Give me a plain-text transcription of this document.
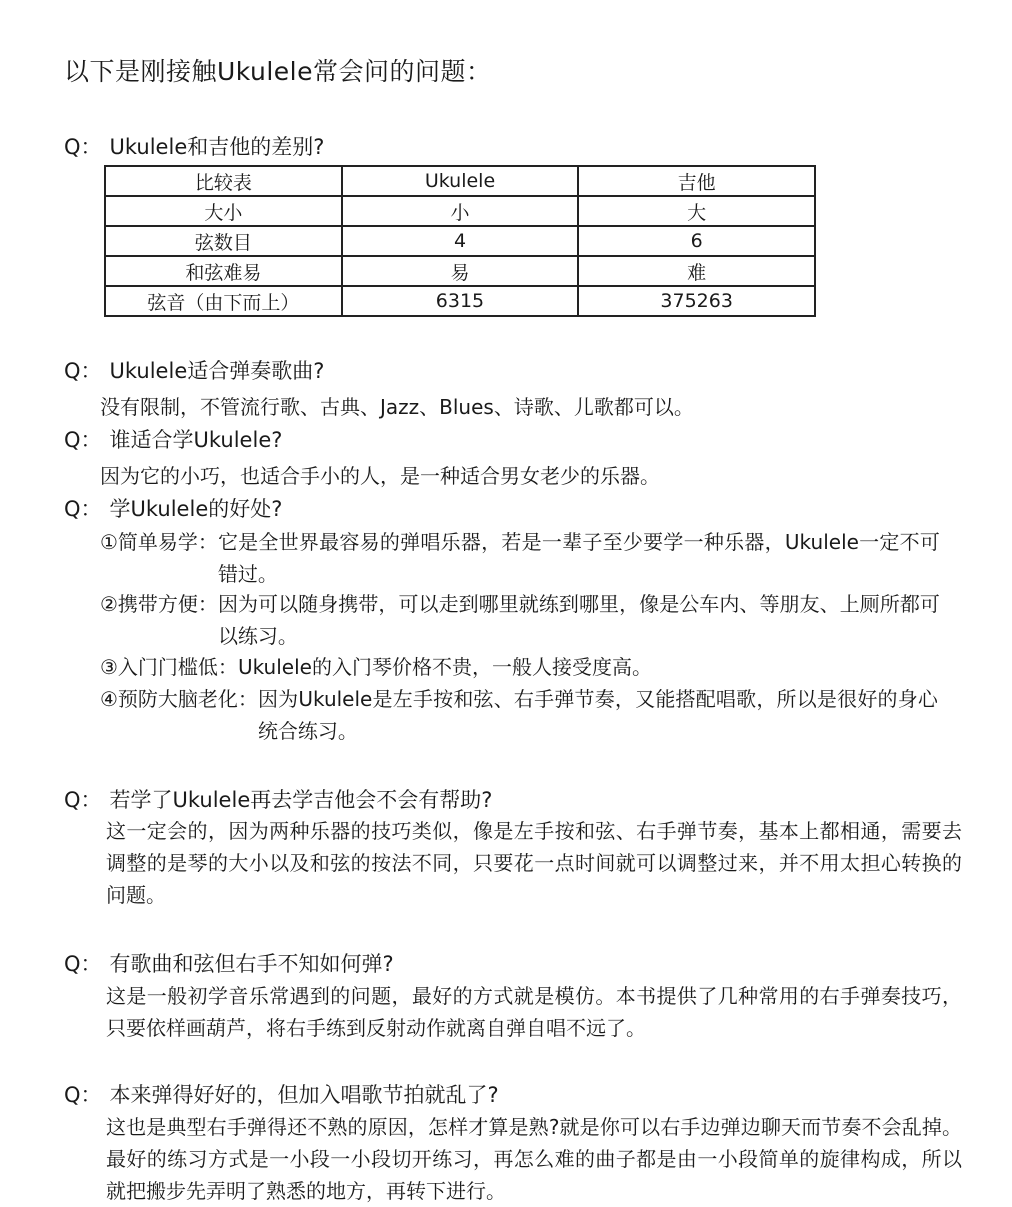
以下是刚接触Ukulele常会问的问题：
Q： Ukulele和吉他的差别?
比较表	Ukulele	吉他
大小	小	大
弦数目	4	6
和弦难易	易	难
弦音（由下而上）	6315	375263
Q： Ukulele适合弹奏歌曲?
没有限制，不管流行歌、古典、Jazz、Blues、诗歌、儿歌都可以。
Q： 谁适合学Ukulele?
因为它的小巧，也适合手小的人，是一种适合男女老少的乐器。
Q： 学Ukulele的好处?
①简单易学： 它是全世界最容易的弹唱乐器，若是一辈子至少要学一种乐器，Ukulele一定不可错过。
②携带方便： 因为可以随身携带，可以走到哪里就练到哪里，像是公车内、等朋友、上厕所都可以练习。
③入门门槛低： Ukulele的入门琴价格不贵，一般人接受度高。
④预防大脑老化： 因为Ukulele是左手按和弦、右手弹节奏，又能搭配唱歌，所以是很好的身心统合练习。
Q： 若学了Ukulele再去学吉他会不会有帮助?
这一定会的，因为两种乐器的技巧类似，像是左手按和弦、右手弹节奏，基本上都相通，需要去调整的是琴的大小以及和弦的按法不同，只要花一点时间就可以调整过来，并不用太担心转换的问题。
Q： 有歌曲和弦但右手不知如何弹?
这是一般初学音乐常遇到的问题，最好的方式就是模仿。本书提供了几种常用的右手弹奏技巧，只要依样画葫芦，将右手练到反射动作就离自弹自唱不远了。
Q： 本来弹得好好的，但加入唱歌节拍就乱了?
这也是典型右手弹得还不熟的原因，怎样才算是熟?就是你可以右手边弹边聊天而节奏不会乱掉。最好的练习方式是一小段一小段切开练习，再怎么难的曲子都是由一小段简单的旋律构成，所以就把搬步先弄明了熟悉的地方，再转下进行。
